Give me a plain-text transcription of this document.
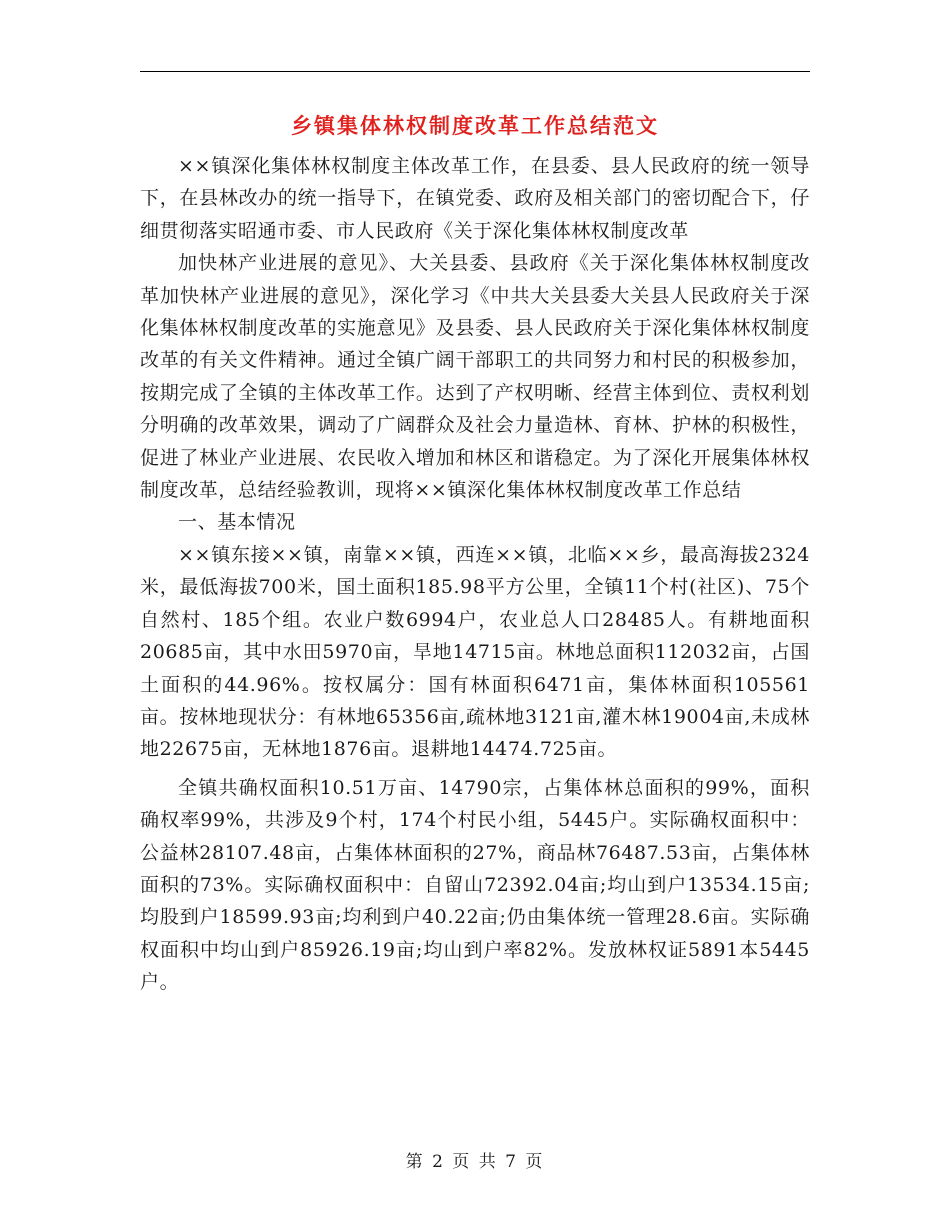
乡镇集体林权制度改革工作总结范文

××镇深化集体林权制度主体改革工作，在县委、县人民政府的统一领导下，在县林改办的统一指导下，在镇党委、政府及相关部门的密切配合下，仔细贯彻落实昭通市委、市人民政府《关于深化集体林权制度改革

加快林产业进展的意见》、大关县委、县政府《关于深化集体林权制度改革加快林产业进展的意见》，深化学习《中共大关县委大关县人民政府关于深化集体林权制度改革的实施意见》及县委、县人民政府关于深化集体林权制度改革的有关文件精神。通过全镇广阔干部职工的共同努力和村民的积极参加，按期完成了全镇的主体改革工作。达到了产权明晰、经营主体到位、责权利划分明确的改革效果，调动了广阔群众及社会力量造林、育林、护林的积极性，促进了林业产业进展、农民收入增加和林区和谐稳定。为了深化开展集体林权制度改革，总结经验教训，现将××镇深化集体林权制度改革工作总结

一、基本情况

××镇东接××镇，南靠××镇，西连××镇，北临××乡，最高海拔2324米，最低海拔700米，国土面积185.98平方公里，全镇11个村(社区)、75个自然村、185个组。农业户数6994户，农业总人口28485人。有耕地面积20685亩，其中水田5970亩，旱地14715亩。林地总面积112032亩，占国土面积的44.96%。按权属分：国有林面积6471亩，集体林面积105561亩。按林地现状分：有林地65356亩,疏林地3121亩,灌木林19004亩,未成林地22675亩，无林地1876亩。退耕地14474.725亩。

全镇共确权面积10.51万亩、14790宗，占集体林总面积的99%，面积确权率99%，共涉及9个村，174个村民小组，5445户。实际确权面积中：公益林28107.48亩，占集体林面积的27%，商品林76487.53亩，占集体林面积的73%。实际确权面积中：自留山72392.04亩;均山到户13534.15亩;均股到户18599.93亩;均利到户40.22亩;仍由集体统一管理28.6亩。实际确权面积中均山到户85926.19亩;均山到户率82%。发放林权证5891本5445户。

第 2 页 共 7 页
